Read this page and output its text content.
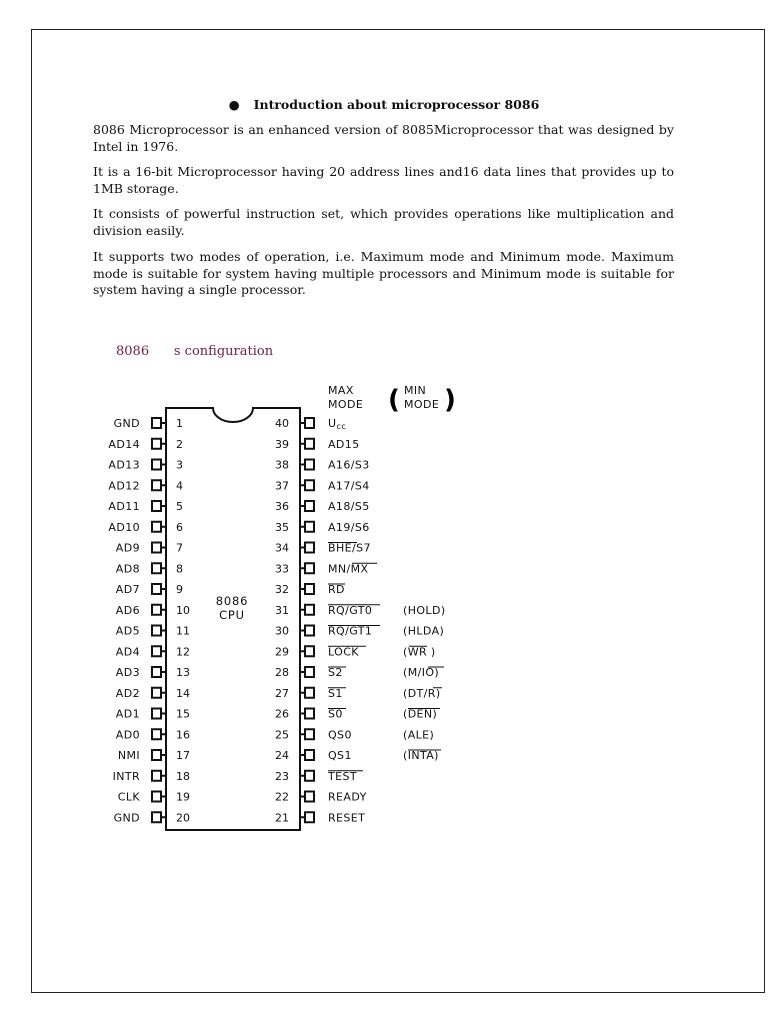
● Introduction about microprocessor 8086
8086 Microprocessor is an enhanced version of 8085Microprocessor that was designed by Intel in 1976.
It is a 16-bit Microprocessor having 20 address lines and16 data lines that provides up to 1MB storage.
It consists of powerful instruction set, which provides operations like multiplication and division easily.
It supports two modes of operation, i.e. Maximum mode and Minimum mode. Maximum mode is suitable for system having multiple processors and Minimum mode is suitable for system having a single processor.
8086      s configuration
8086
CPU
MAX
MODE ( MIN
MODE )
GND	1
AD14	2
AD13	3
AD12	4
AD11	5
AD10	6
AD9	7
AD8	8
AD7	9
AD6	10
AD5	11
AD4	12
AD3	13
AD2	14
AD1	15
AD0	16
NMI	17
INTR	18
CLK	19
GND	20
40	Ucc
39	AD15
38	A16/S3
37	A17/S4
36	A18/S5
35	A19/S6
34	BHE/S7
33	MN/MX
32	RD
31	RQ/GT0	(HOLD)
30	RQ/GT1	(HLDA)
29	LOCK	(WR )
28	S2	(M/IO)
27	S1	(DT/R)
26	S0	(DEN)
25	QS0	(ALE)
24	QS1	(INTA)
23	TEST
22	READY
21	RESET
